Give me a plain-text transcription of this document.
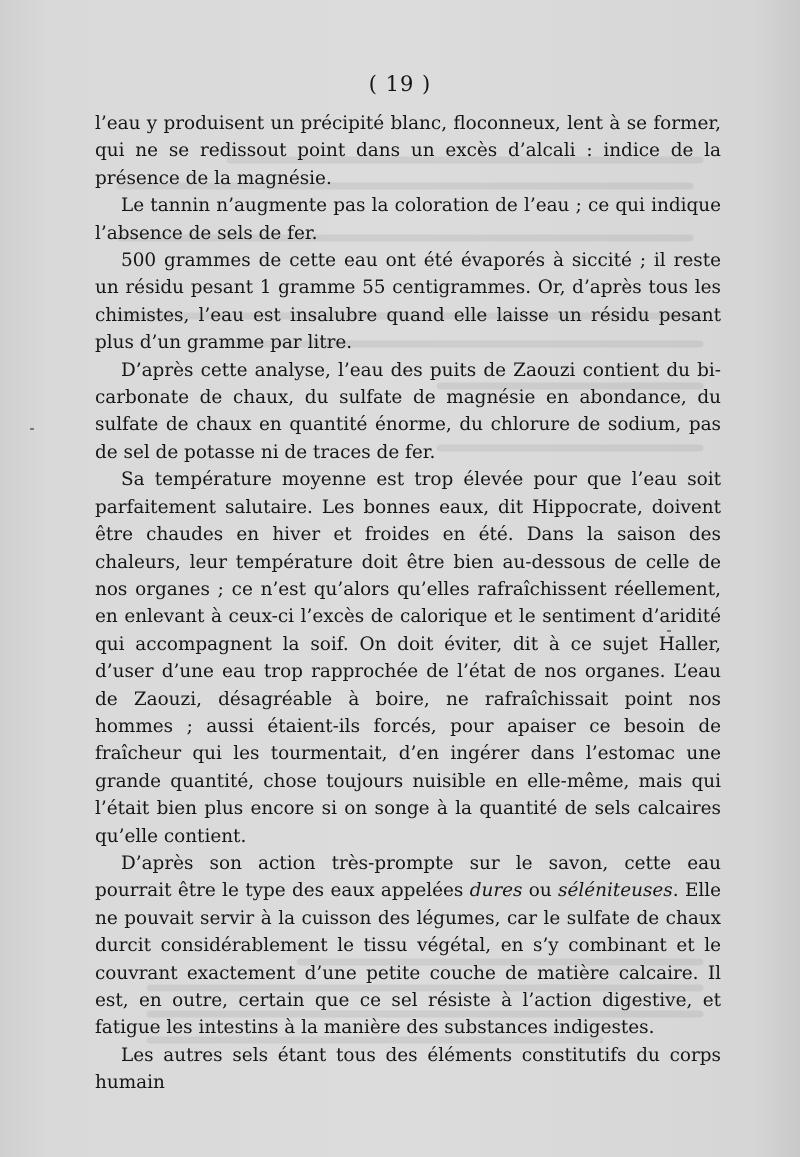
( 19 )

l’eau y produisent un précipité blanc, floconneux, lent à se former, qui ne se redissout point dans un excès d’alcali : indice de la présence de la magnésie.

Le tannin n’augmente pas la coloration de l’eau ; ce qui indique l’absence de sels de fer.

500 grammes de cette eau ont été évaporés à siccité ; il reste un résidu pesant 1 gramme 55 centigrammes. Or, d’après tous les chimistes, l’eau est insalubre quand elle laisse un résidu pesant plus d’un gramme par litre.

D’après cette analyse, l’eau des puits de Zaouzi contient du bi-carbonate de chaux, du sulfate de magnésie en abondance, du sulfate de chaux en quantité énorme, du chlorure de sodium, pas de sel de potasse ni de traces de fer.

Sa température moyenne est trop élevée pour que l’eau soit parfaitement salutaire. Les bonnes eaux, dit Hippocrate, doivent être chaudes en hiver et froides en été. Dans la saison des chaleurs, leur température doit être bien au-dessous de celle de nos organes ; ce n’est qu’alors qu’elles rafraîchissent réellement, en enlevant à ceux-ci l’excès de calorique et le sentiment d’aridité qui accompagnent la soif. On doit éviter, dit à ce sujet Haller, d’user d’une eau trop rapprochée de l’état de nos organes. L’eau de Zaouzi, désagréable à boire, ne rafraîchissait point nos hommes ; aussi étaient-ils forcés, pour apaiser ce besoin de fraîcheur qui les tourmentait, d’en ingérer dans l’estomac une grande quantité, chose toujours nuisible en elle-même, mais qui l’était bien plus encore si on songe à la quantité de sels calcaires qu’elle contient.

D’après son action très-prompte sur le savon, cette eau pourrait être le type des eaux appelées dures ou séléniteuses. Elle ne pouvait servir à la cuisson des légumes, car le sulfate de chaux durcit considérablement le tissu végétal, en s’y combinant et le couvrant exactement d’une petite couche de matière calcaire. Il est, en outre, certain que ce sel résiste à l’action digestive, et fatigue les intestins à la manière des substances indigestes.

Les autres sels étant tous des éléments constitutifs du corps humain
